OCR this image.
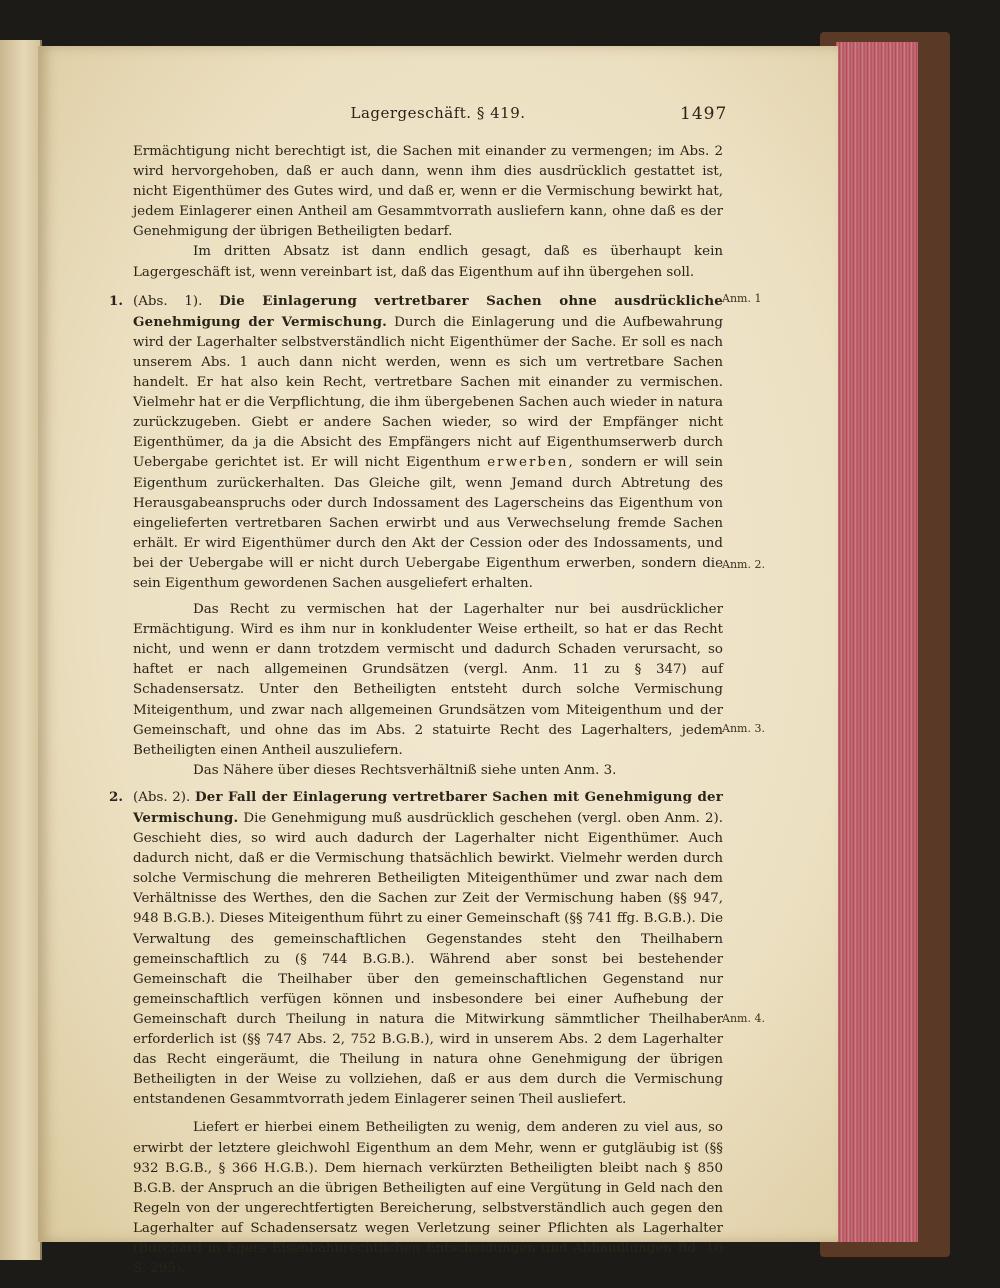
Lagergeschäft. § 419.	1497

Ermächtigung nicht berechtigt ist, die Sachen mit einander zu vermengen; im Abs. 2 wird hervorgehoben, daß er auch dann, wenn ihm dies ausdrücklich gestattet ist, nicht Eigenthümer des Gutes wird, und daß er, wenn er die Vermischung bewirkt hat, jedem Einlagerer einen Antheil am Gesammtvorrath ausliefern kann, ohne daß es der Genehmigung der übrigen Betheiligten bedarf.

Im dritten Absatz ist dann endlich gesagt, daß es überhaupt kein Lagergeschäft ist, wenn vereinbart ist, daß das Eigenthum auf ihn übergehen soll.

1. (Abs. 1). Die Einlagerung vertretbarer Sachen ohne ausdrückliche Genehmigung der Vermischung. Durch die Einlagerung und die Aufbewahrung wird der Lagerhalter selbstverständlich nicht Eigenthümer der Sache. Er soll es nach unserem Abs. 1 auch dann nicht werden, wenn es sich um vertretbare Sachen handelt. Er hat also kein Recht, vertretbare Sachen mit einander zu vermischen. Vielmehr hat er die Verpflichtung, die ihm übergebenen Sachen auch wieder in natura zurückzugeben. Giebt er andere Sachen wieder, so wird der Empfänger nicht Eigenthümer, da ja die Absicht des Empfängers nicht auf Eigenthumserwerb durch Uebergabe gerichtet ist. Er will nicht Eigenthum erwerben, sondern er will sein Eigenthum zurückerhalten. Das Gleiche gilt, wenn Jemand durch Abtretung des Herausgabeanspruchs oder durch Indossament des Lagerscheins das Eigenthum von eingelieferten vertretbaren Sachen erwirbt und aus Verwechselung fremde Sachen erhält. Er wird Eigenthümer durch den Akt der Cession oder des Indossaments, und bei der Uebergabe will er nicht durch Uebergabe Eigenthum erwerben, sondern die sein Eigenthum gewordenen Sachen ausgeliefert erhalten.

Das Recht zu vermischen hat der Lagerhalter nur bei ausdrücklicher Ermächtigung. Wird es ihm nur in konkludenter Weise ertheilt, so hat er das Recht nicht, und wenn er dann trotzdem vermischt und dadurch Schaden verursacht, so haftet er nach allgemeinen Grundsätzen (vergl. Anm. 11 zu § 347) auf Schadensersatz. Unter den Betheiligten entsteht durch solche Vermischung Miteigenthum, und zwar nach allgemeinen Grundsätzen vom Miteigenthum und der Gemeinschaft, und ohne das im Abs. 2 statuirte Recht des Lagerhalters, jedem Betheiligten einen Antheil auszuliefern.

Das Nähere über dieses Rechtsverhältniß siehe unten Anm. 3.

2. (Abs. 2). Der Fall der Einlagerung vertretbarer Sachen mit Genehmigung der Vermischung. Die Genehmigung muß ausdrücklich geschehen (vergl. oben Anm. 2). Geschieht dies, so wird auch dadurch der Lagerhalter nicht Eigenthümer. Auch dadurch nicht, daß er die Vermischung thatsächlich bewirkt. Vielmehr werden durch solche Vermischung die mehreren Betheiligten Miteigenthümer und zwar nach dem Verhältnisse des Werthes, den die Sachen zur Zeit der Vermischung haben (§§ 947, 948 B.G.B.). Dieses Miteigenthum führt zu einer Gemeinschaft (§§ 741 ffg. B.G.B.). Die Verwaltung des gemeinschaftlichen Gegenstandes steht den Theilhabern gemeinschaftlich zu (§ 744 B.G.B.). Während aber sonst bei bestehender Gemeinschaft die Theilhaber über den gemeinschaftlichen Gegenstand nur gemeinschaftlich verfügen können und insbesondere bei einer Aufhebung der Gemeinschaft durch Theilung in natura die Mitwirkung sämmtlicher Theilhaber erforderlich ist (§§ 747 Abs. 2, 752 B.G.B.), wird in unserem Abs. 2 dem Lagerhalter das Recht eingeräumt, die Theilung in natura ohne Genehmigung der übrigen Betheiligten in der Weise zu vollziehen, daß er aus dem durch die Vermischung entstandenen Gesammtvorrath jedem Einlagerer seinen Theil ausliefert.

Liefert er hierbei einem Betheiligten zu wenig, dem anderen zu viel aus, so erwirbt der letztere gleichwohl Eigenthum an dem Mehr, wenn er gutgläubig ist (§§ 932 B.G.B., § 366 H.G.B.). Dem hiernach verkürzten Betheiligten bleibt nach § 850 B.G.B. der Anspruch an die übrigen Betheiligten auf eine Vergütung in Geld nach den Regeln von der ungerechtfertigten Bereicherung, selbstverständlich auch gegen den Lagerhalter auf Schadensersatz wegen Verletzung seiner Pflichten als Lagerhalter (Burchard in Egers Eisenbahnrechtlichen Entscheidungen und Abhandlungen Bd. 16 S. 295).

Anm. 1
Anm. 2.
Anm. 3.
Anm. 4.
